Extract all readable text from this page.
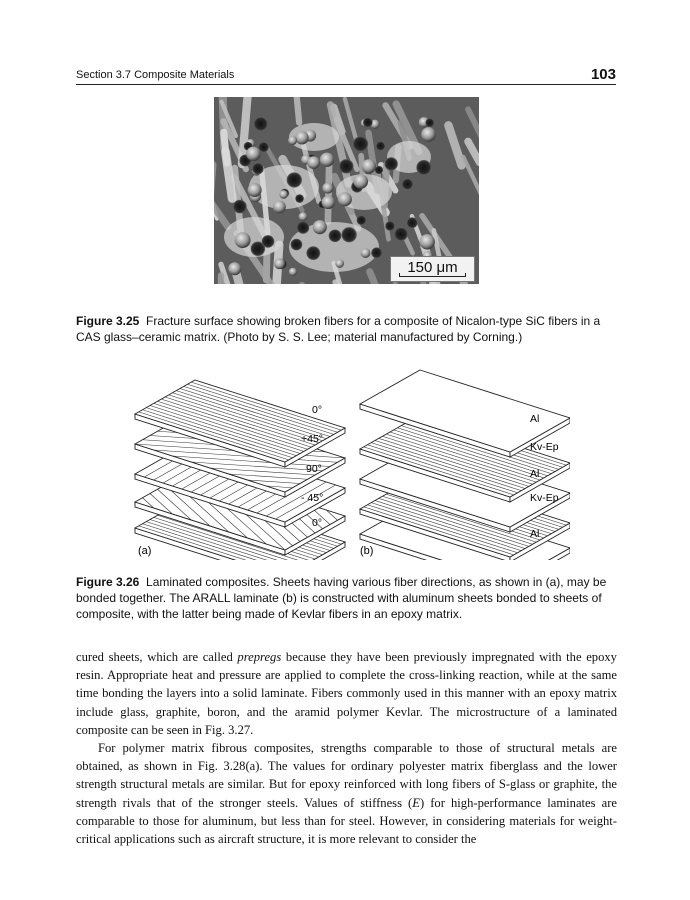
Section 3.7 Composite Materials	103
150 μm
Figure 3.25 Fracture surface showing broken fibers for a composite of Nicalon-type SiC fibers in a CAS glass–ceramic matrix. (Photo by S. S. Lee; material manufactured by Corning.)
(a)	(b)
0°
+45°
90°
- 45°
0°
Al
Kv-Ep
Al
Kv-Ep
Al
Figure 3.26 Laminated composites. Sheets having various fiber directions, as shown in (a), may be bonded together. The ARALL laminate (b) is constructed with aluminum sheets bonded to sheets of composite, with the latter being made of Kevlar fibers in an epoxy matrix.

cured sheets, which are called prepregs because they have been previously impregnated with the epoxy resin. Appropriate heat and pressure are applied to complete the cross-linking reaction, while at the same time bonding the layers into a solid laminate. Fibers commonly used in this manner with an epoxy matrix include glass, graphite, boron, and the aramid polymer Kevlar. The microstructure of a laminated composite can be seen in Fig. 3.27.

For polymer matrix fibrous composites, strengths comparable to those of structural metals are obtained, as shown in Fig. 3.28(a). The values for ordinary polyester matrix fiberglass and the lower strength structural metals are similar. But for epoxy reinforced with long fibers of S-glass or graphite, the strength rivals that of the stronger steels. Values of stiffness (E) for high-performance laminates are comparable to those for aluminum, but less than for steel. However, in considering materials for weight-critical applications such as aircraft structure, it is more relevant to consider the
